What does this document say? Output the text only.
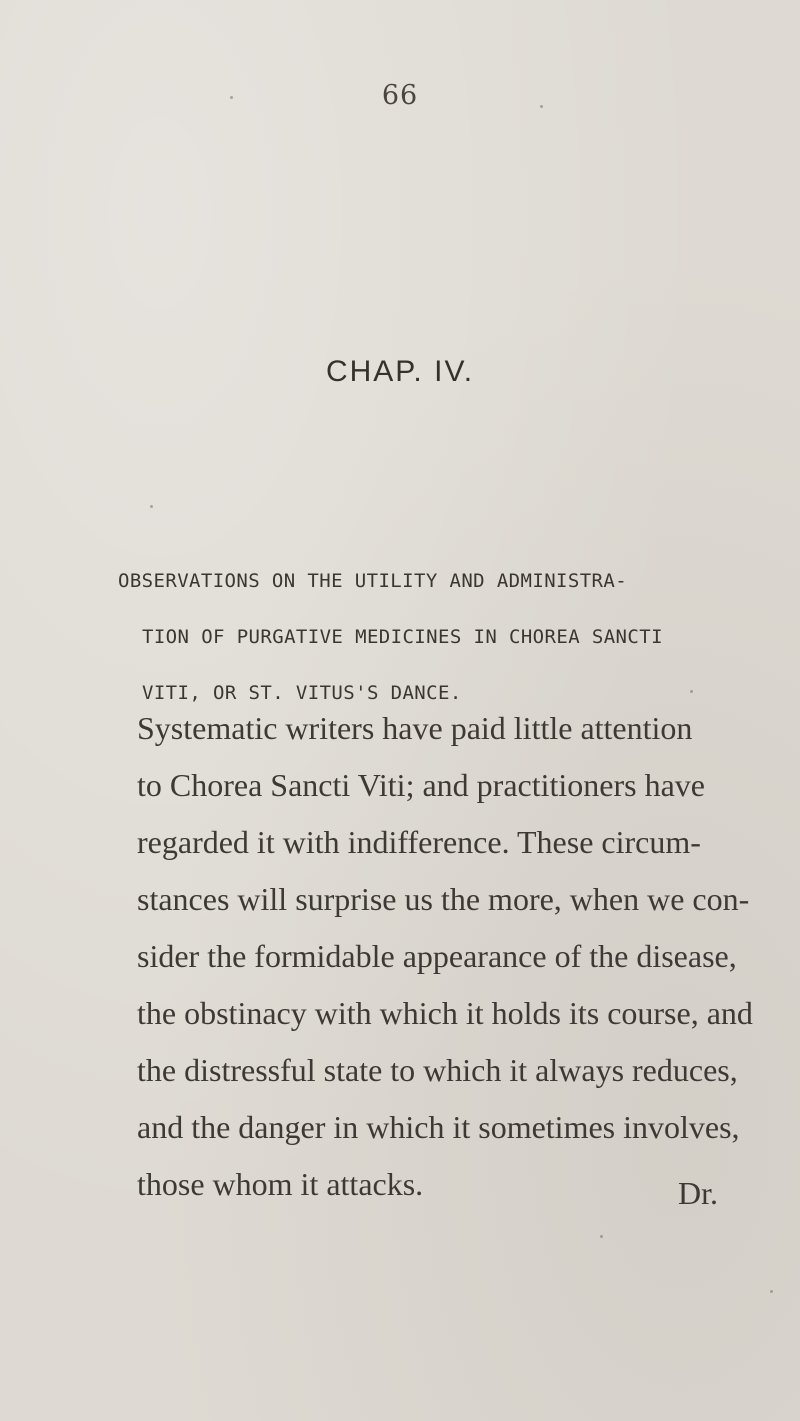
66
CHAP. IV.
OBSERVATIONS ON THE UTILITY AND ADMINISTRA-
TION OF PURGATIVE MEDICINES IN CHOREA SANCTI
VITI, OR ST. VITUS'S DANCE.
Systematic writers have paid little attention
to Chorea Sancti Viti; and practitioners have
regarded it with indifference. These circum-
stances will surprise us the more, when we con-
sider the formidable appearance of the disease,
the obstinacy with which it holds its course, and
the distressful state to which it always reduces,
and the danger in which it sometimes involves,
those whom it attacks.	Dr.
